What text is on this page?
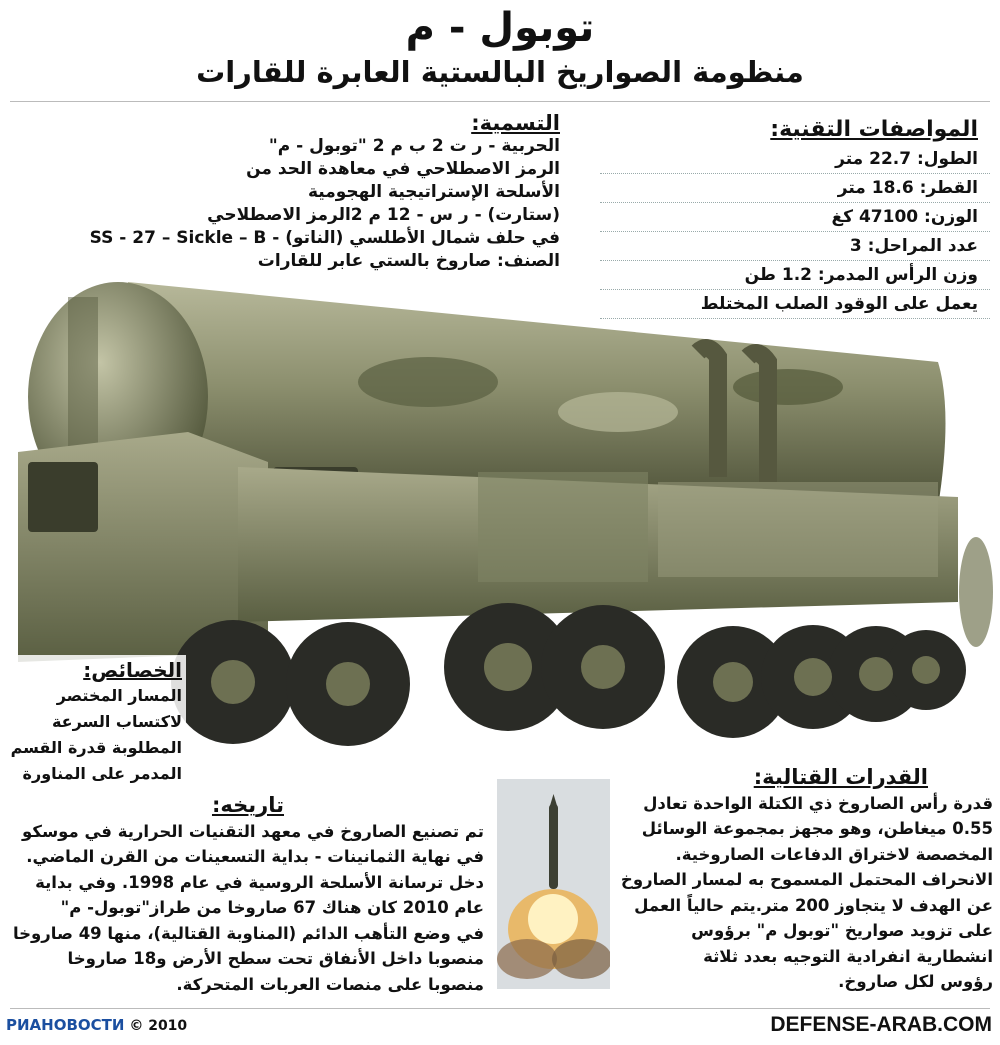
توبول - م
منظومة الصواريخ البالستية العابرة للقارات
التسمية:
الحربية - ر ت 2 ب م 2 "توبول - م"
الرمز الاصطلاحي في معاهدة الحد من
الأسلحة الإستراتيجية الهجومية
(ستارت) - ر س - 12 م 2الرمز الاصطلاحي
في حلف شمال الأطلسي (الناتو) - SS - 27 – Sickle – B
الصنف: صاروخ بالستي عابر للقارات
المواصفات التقنية:
الطول: 22.7 متر
القطر: 18.6 متر
الوزن: 47100 كغ
عدد المراحل: 3
وزن الرأس المدمر: 1.2 طن
يعمل على الوقود الصلب المختلط
الخصائص:
المسار المختصر
لاكتساب السرعة
المطلوبة قدرة القسم
المدمر على المناورة
تاريخه:
تم تصنيع الصاروخ في معهد التقنيات الحرارية في موسكو
في نهاية الثمانينات - بداية التسعينات من القرن الماضي.
دخل ترسانة الأسلحة الروسية في عام 1998. وفي بداية
عام 2010 كان هناك 67 صاروخا من طراز"توبول- م"
في وضع التأهب الدائم (المناوبة القتالية)، منها 49 صاروخا
منصوبا داخل الأنفاق تحت سطح الأرض و18 صاروخا
منصوبا على منصات العربات المتحركة.
القدرات القتالية:
قدرة رأس الصاروخ ذي الكتلة الواحدة تعادل
0.55 ميغاطن، وهو مجهز بمجموعة الوسائل
المخصصة لاختراق الدفاعات الصاروخية.
الانحراف المحتمل المسموح به لمسار الصاروخ
عن الهدف لا يتجاوز 200 متر.يتم حالياً العمل
على تزويد صواريخ "توبول م" برؤوس
انشطارية انفرادية التوجيه بعدد ثلاثة
رؤوس لكل صاروخ.
РИАНОВОСТИ © 2010	DEFENSE-ARAB.COM
